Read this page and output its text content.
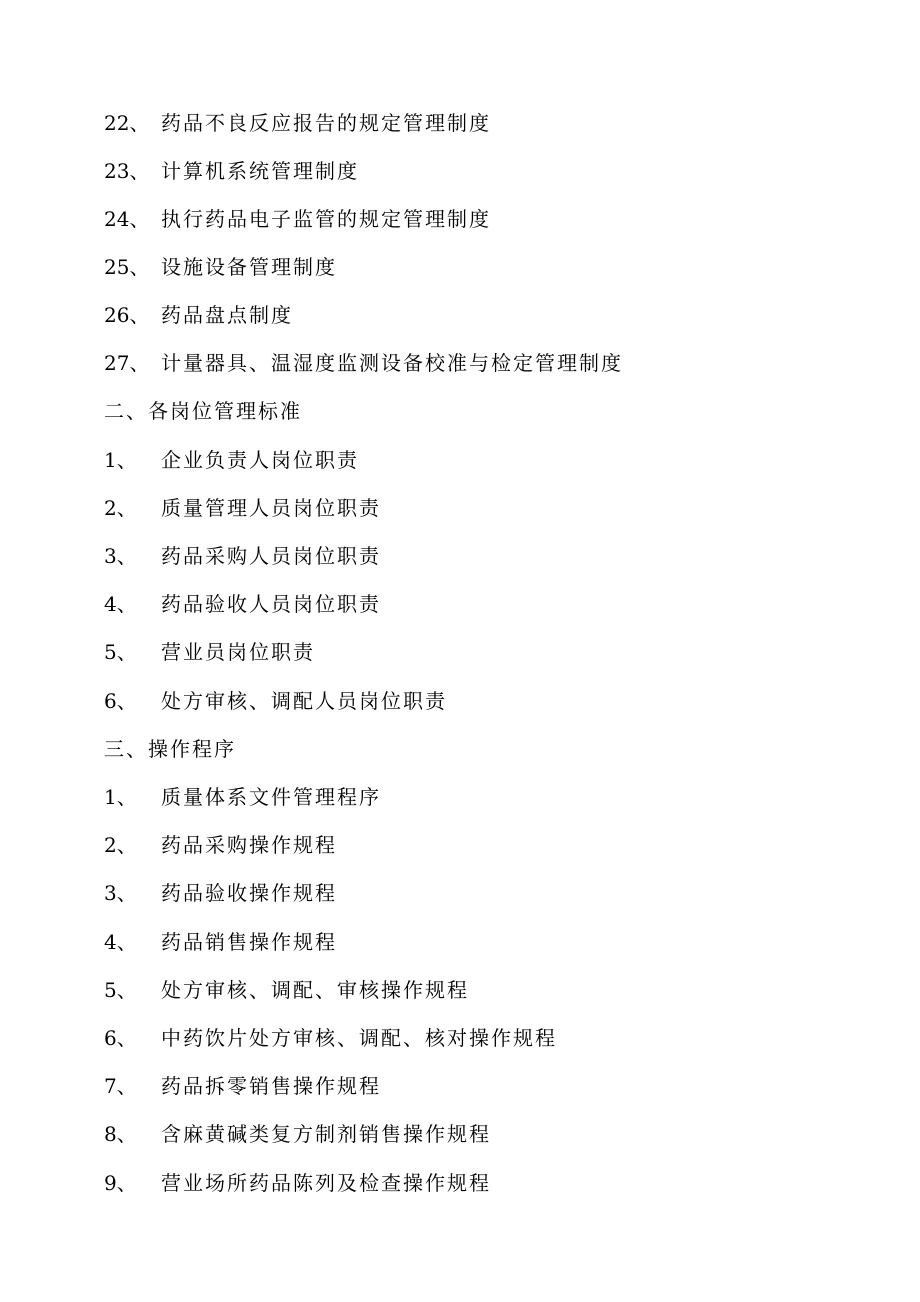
22、 药品不良反应报告的规定管理制度
23、 计算机系统管理制度
24、 执行药品电子监管的规定管理制度
25、 设施设备管理制度
26、 药品盘点制度
27、 计量器具、温湿度监测设备校准与检定管理制度
二、各岗位管理标准
1、 企业负责人岗位职责
2、 质量管理人员岗位职责
3、 药品采购人员岗位职责
4、 药品验收人员岗位职责
5、 营业员岗位职责
6、 处方审核、调配人员岗位职责
三、操作程序
1、 质量体系文件管理程序
2、 药品采购操作规程
3、 药品验收操作规程
4、 药品销售操作规程
5、 处方审核、调配、审核操作规程
6、 中药饮片处方审核、调配、核对操作规程
7、 药品拆零销售操作规程
8、 含麻黄碱类复方制剂销售操作规程
9、 营业场所药品陈列及检查操作规程
